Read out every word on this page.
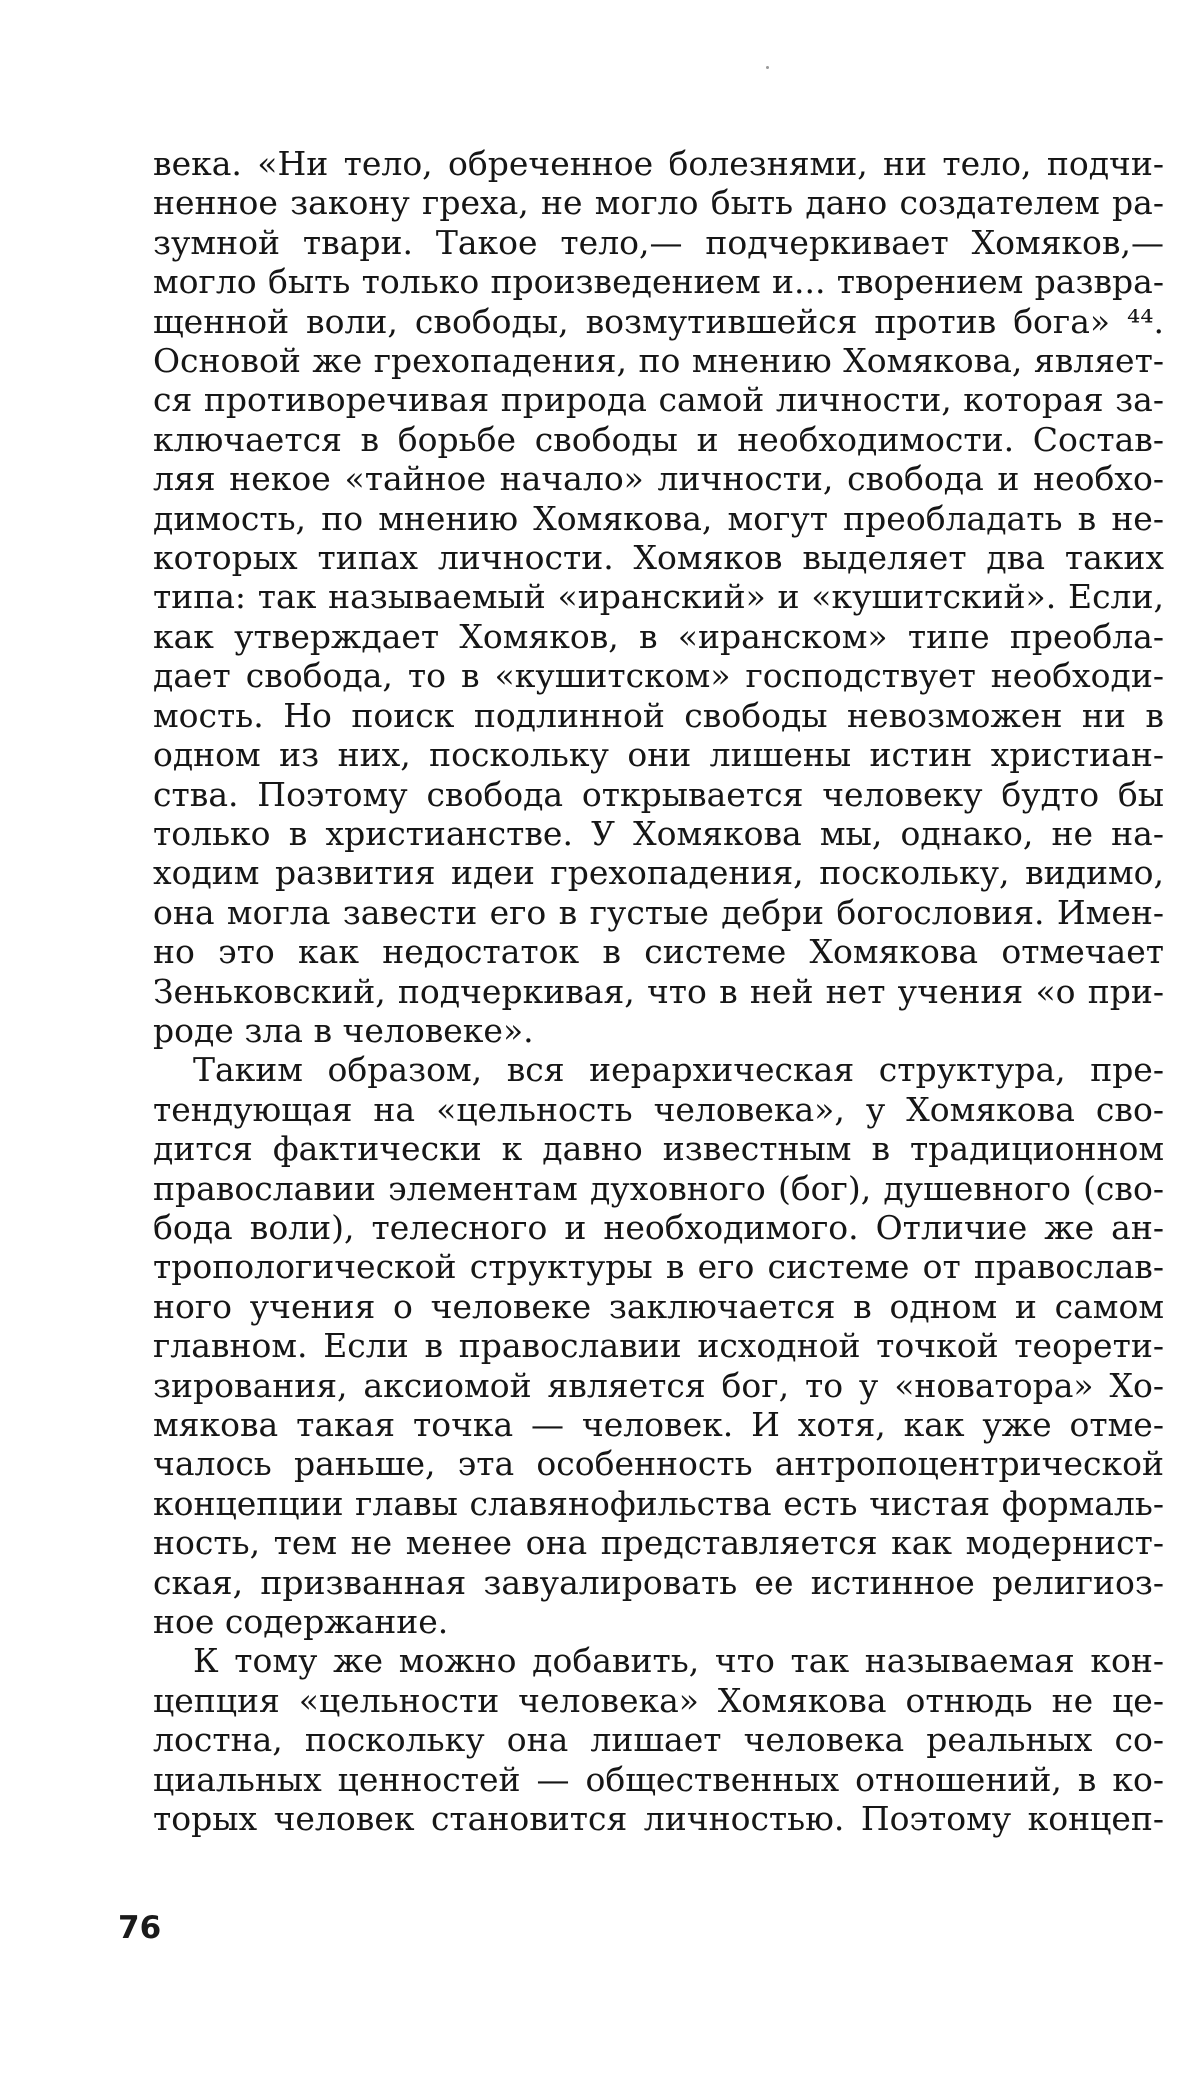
века. «Ни тело, обреченное болезнями, ни тело, подчи-
ненное закону греха, не могло быть дано создателем ра-
зумной твари. Такое тело,— подчеркивает Хомяков,—
могло быть только произведением и... творением развра-
щенной воли, свободы, возмутившейся против бога» ⁴⁴.
Основой же грехопадения, по мнению Хомякова, являет-
ся противоречивая природа самой личности, которая за-
ключается в борьбе свободы и необходимости. Состав-
ляя некое «тайное начало» личности, свобода и необхо-
димость, по мнению Хомякова, могут преобладать в не-
которых типах личности. Хомяков выделяет два таких
типа: так называемый «иранский» и «кушитский». Если,
как утверждает Хомяков, в «иранском» типе преобла-
дает свобода, то в «кушитском» господствует необходи-
мость. Но поиск подлинной свободы невозможен ни в
одном из них, поскольку они лишены истин христиан-
ства. Поэтому свобода открывается человеку будто бы
только в христианстве. У Хомякова мы, однако, не на-
ходим развития идеи грехопадения, поскольку, видимо,
она могла завести его в густые дебри богословия. Имен-
но это как недостаток в системе Хомякова отмечает
Зеньковский, подчеркивая, что в ней нет учения «о при-
роде зла в человеке».
Таким образом, вся иерархическая структура, пре-
тендующая на «цельность человека», у Хомякова сво-
дится фактически к давно известным в традиционном
православии элементам духовного (бог), душевного (сво-
бода воли), телесного и необходимого. Отличие же ан-
тропологической структуры в его системе от православ-
ного учения о человеке заключается в одном и самом
главном. Если в православии исходной точкой теорети-
зирования, аксиомой является бог, то у «новатора» Хо-
мякова такая точка — человек. И хотя, как уже отме-
чалось раньше, эта особенность антропоцентрической
концепции главы славянофильства есть чистая формаль-
ность, тем не менее она представляется как модернист-
ская, призванная завуалировать ее истинное религиоз-
ное содержание.
К тому же можно добавить, что так называемая кон-
цепция «цельности человека» Хомякова отнюдь не це-
лостна, поскольку она лишает человека реальных со-
циальных ценностей — общественных отношений, в ко-
торых человек становится личностью. Поэтому концеп-
76
